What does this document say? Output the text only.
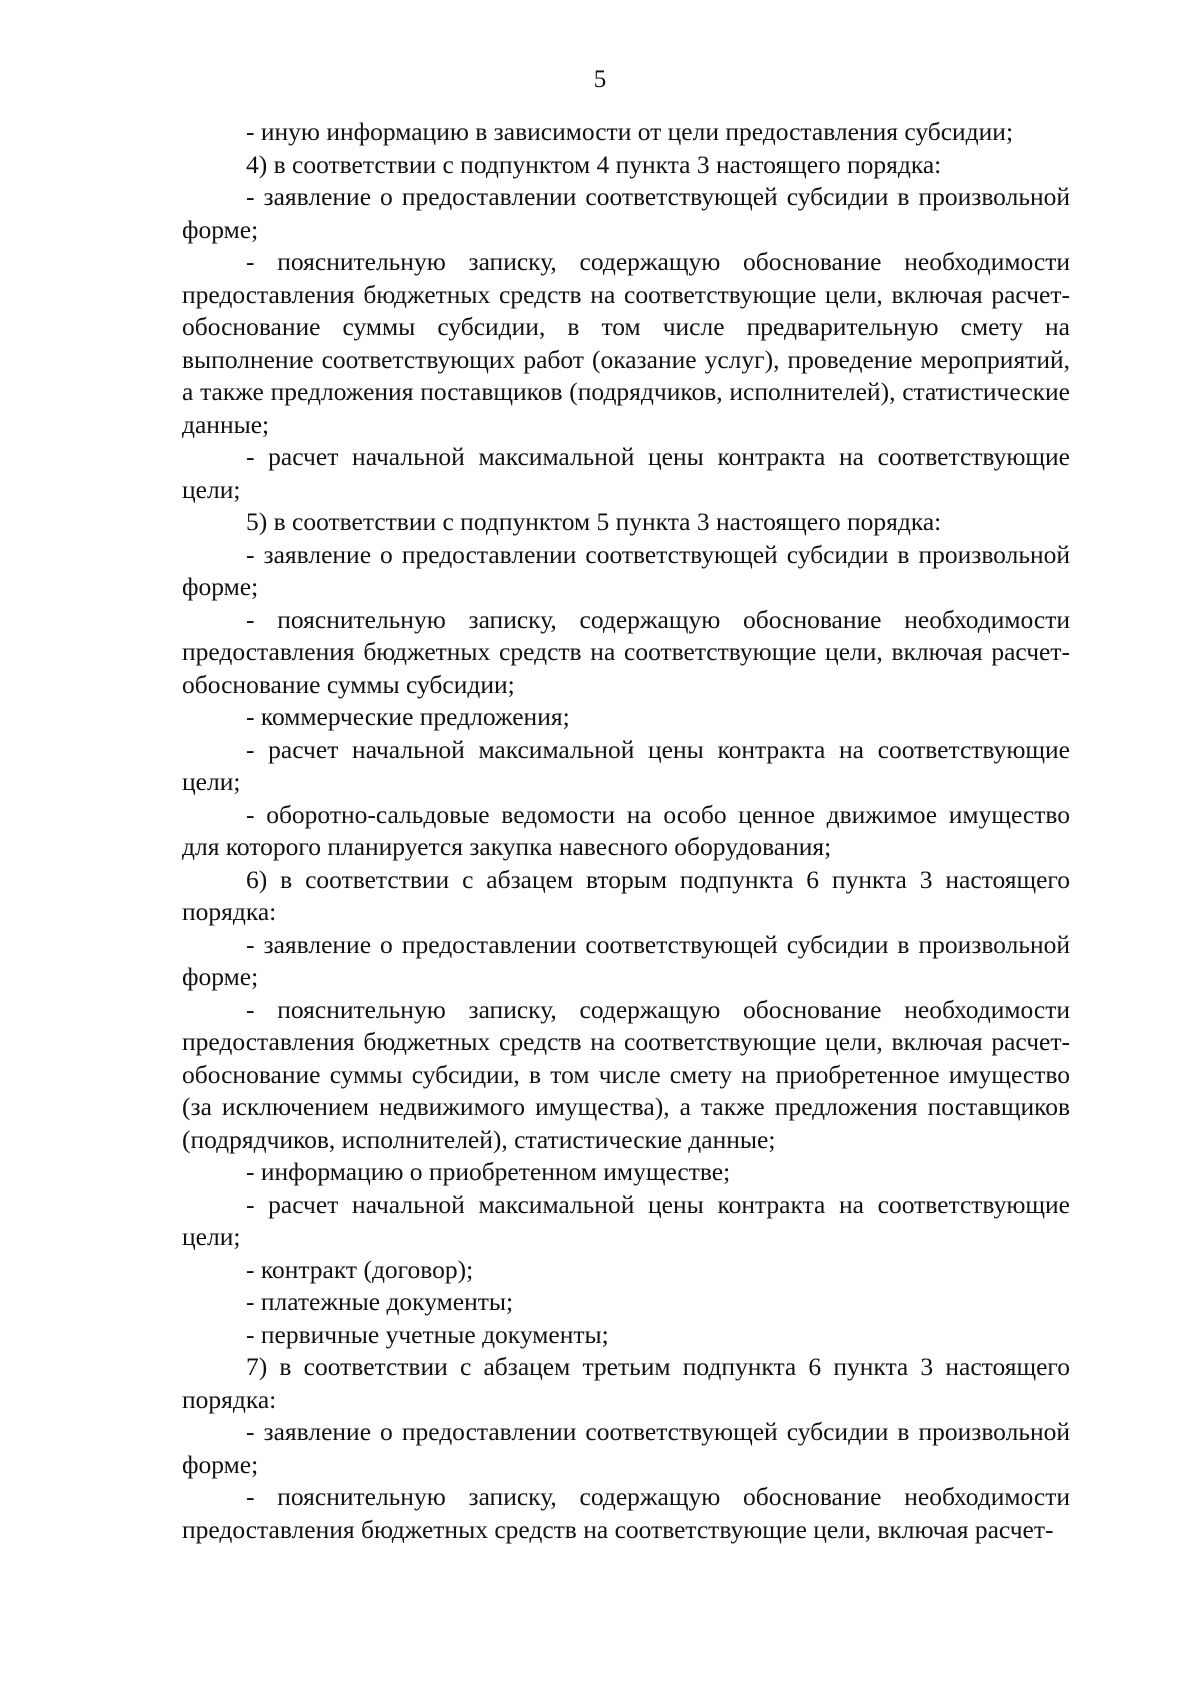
5

- иную информацию в зависимости от цели предоставления субсидии;

4) в соответствии с подпунктом 4 пункта 3 настоящего порядка:

- заявление о предоставлении соответствующей субсидии в произвольной форме;

- пояснительную записку, содержащую обоснование необходимости предоставления бюджетных средств на соответствующие цели, включая расчет-обоснование суммы субсидии, в том числе предварительную смету на выполнение соответствующих работ (оказание услуг), проведение мероприятий, а также предложения поставщиков (подрядчиков, исполнителей), статистические данные;

- расчет начальной максимальной цены контракта на соответствующие цели;

5) в соответствии с подпунктом 5 пункта 3 настоящего порядка:

- заявление о предоставлении соответствующей субсидии в произвольной форме;

- пояснительную записку, содержащую обоснование необходимости предоставления бюджетных средств на соответствующие цели, включая расчет-обоснование суммы субсидии;

- коммерческие предложения;

- расчет начальной максимальной цены контракта на соответствующие цели;

- оборотно-сальдовые ведомости на особо ценное движимое имущество для которого планируется закупка навесного оборудования;

6) в соответствии с абзацем вторым подпункта 6 пункта 3 настоящего порядка:

- заявление о предоставлении соответствующей субсидии в произвольной форме;

- пояснительную записку, содержащую обоснование необходимости предоставления бюджетных средств на соответствующие цели, включая расчет-обоснование суммы субсидии, в том числе смету на приобретенное имущество (за исключением недвижимого имущества), а также предложения поставщиков (подрядчиков, исполнителей), статистические данные;

- информацию о приобретенном имуществе;

- расчет начальной максимальной цены контракта на соответствующие цели;

- контракт (договор);

- платежные документы;

- первичные учетные документы;

7) в соответствии с абзацем третьим подпункта 6 пункта 3 настоящего порядка:

- заявление о предоставлении соответствующей субсидии в произвольной форме;

- пояснительную записку, содержащую обоснование необходимости предоставления бюджетных средств на соответствующие цели, включая расчет-
